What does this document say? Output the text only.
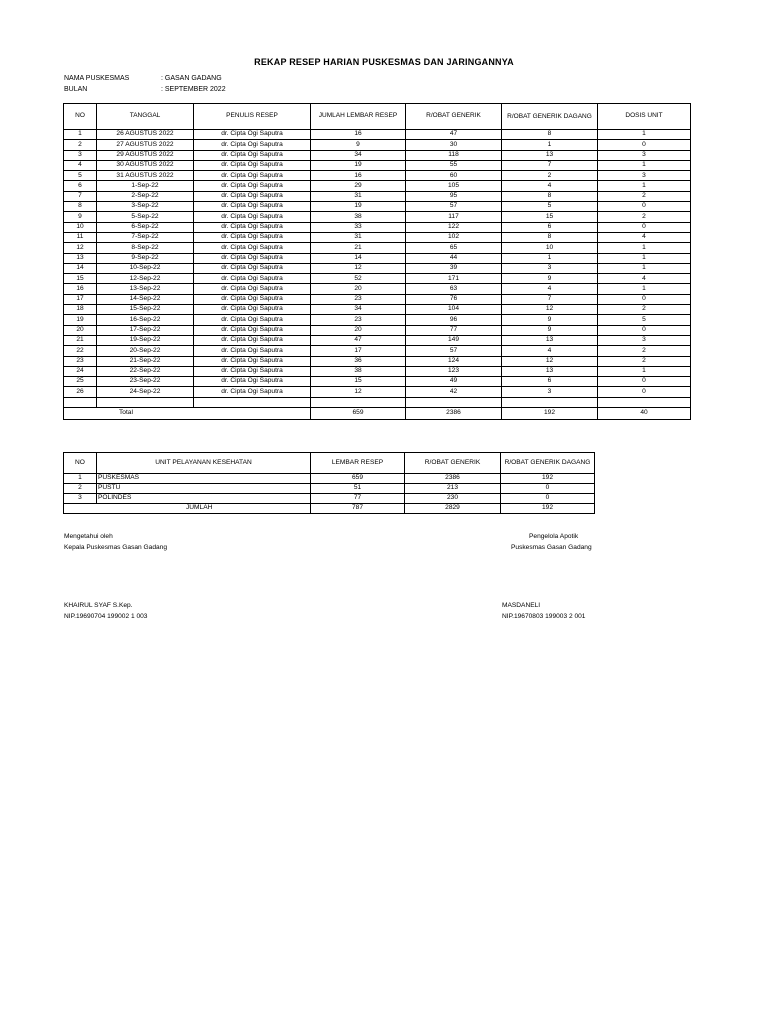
REKAP RESEP HARIAN PUSKESMAS DAN JARINGANNYA
NAMA PUSKESMAS	: GASAN GADANG
BULAN	: SEPTEMBER 2022
NO	TANGGAL	PENULIS RESEP	JUMLAH LEMBAR RESEP	R/OBAT GENERIK	R/OBAT GENERIK DAGANG	DOSIS UNIT
1	26 AGUSTUS 2022	dr. Cipta Ogi Saputra	16	47	8	1
2	27 AGUSTUS 2022	dr. Cipta Ogi Saputra	9	30	1	0
3	29 AGUSTUS 2022	dr. Cipta Ogi Saputra	34	118	13	3
4	30 AGUSTUS 2022	dr. Cipta Ogi Saputra	19	55	7	1
5	31 AGUSTUS 2022	dr. Cipta Ogi Saputra	16	60	2	3
6	1-Sep-22	dr. Cipta Ogi Saputra	29	105	4	1
7	2-Sep-22	dr. Cipta Ogi Saputra	31	95	8	2
8	3-Sep-22	dr. Cipta Ogi Saputra	19	57	5	0
9	5-Sep-22	dr. Cipta Ogi Saputra	38	117	15	2
10	6-Sep-22	dr. Cipta Ogi Saputra	33	122	6	0
11	7-Sep-22	dr. Cipta Ogi Saputra	31	102	8	4
12	8-Sep-22	dr. Cipta Ogi Saputra	21	65	10	1
13	9-Sep-22	dr. Cipta Ogi Saputra	14	44	1	1
14	10-Sep-22	dr. Cipta Ogi Saputra	12	39	3	1
15	12-Sep-22	dr. Cipta Ogi Saputra	52	171	9	4
16	13-Sep-22	dr. Cipta Ogi Saputra	20	63	4	1
17	14-Sep-22	dr. Cipta Ogi Saputra	23	76	7	0
18	15-Sep-22	dr. Cipta Ogi Saputra	34	104	12	2
19	16-Sep-22	dr. Cipta Ogi Saputra	23	96	9	5
20	17-Sep-22	dr. Cipta Ogi Saputra	20	77	9	0
21	19-Sep-22	dr. Cipta Ogi Saputra	47	149	13	3
22	20-Sep-22	dr. Cipta Ogi Saputra	17	57	4	2
23	21-Sep-22	dr. Cipta Ogi Saputra	36	124	12	2
24	22-Sep-22	dr. Cipta Ogi Saputra	38	123	13	1
25	23-Sep-22	dr. Cipta Ogi Saputra	15	49	6	0
26	24-Sep-22	dr. Cipta Ogi Saputra	12	42	3	0

Total			659	2386	192	40
NO	UNIT PELAYANAN KESEHATAN	LEMBAR RESEP	R/OBAT GENERIK	R/OBAT GENERIK DAGANG
1	PUSKESMAS	659	2386	192
2	PUSTU	51	213	0
3	POLINDES	77	230	0
JUMLAH		787	2829	192
Mengetahui oleh
Kepala Puskesmas Gasan Gadang
Pengelola Apotik
Puskesmas Gasan Gadang
KHAIRUL SYAF S.Kep.
NIP.19690704 199002 1 003
MASDANELI
NIP.19670803 199003 2 001
